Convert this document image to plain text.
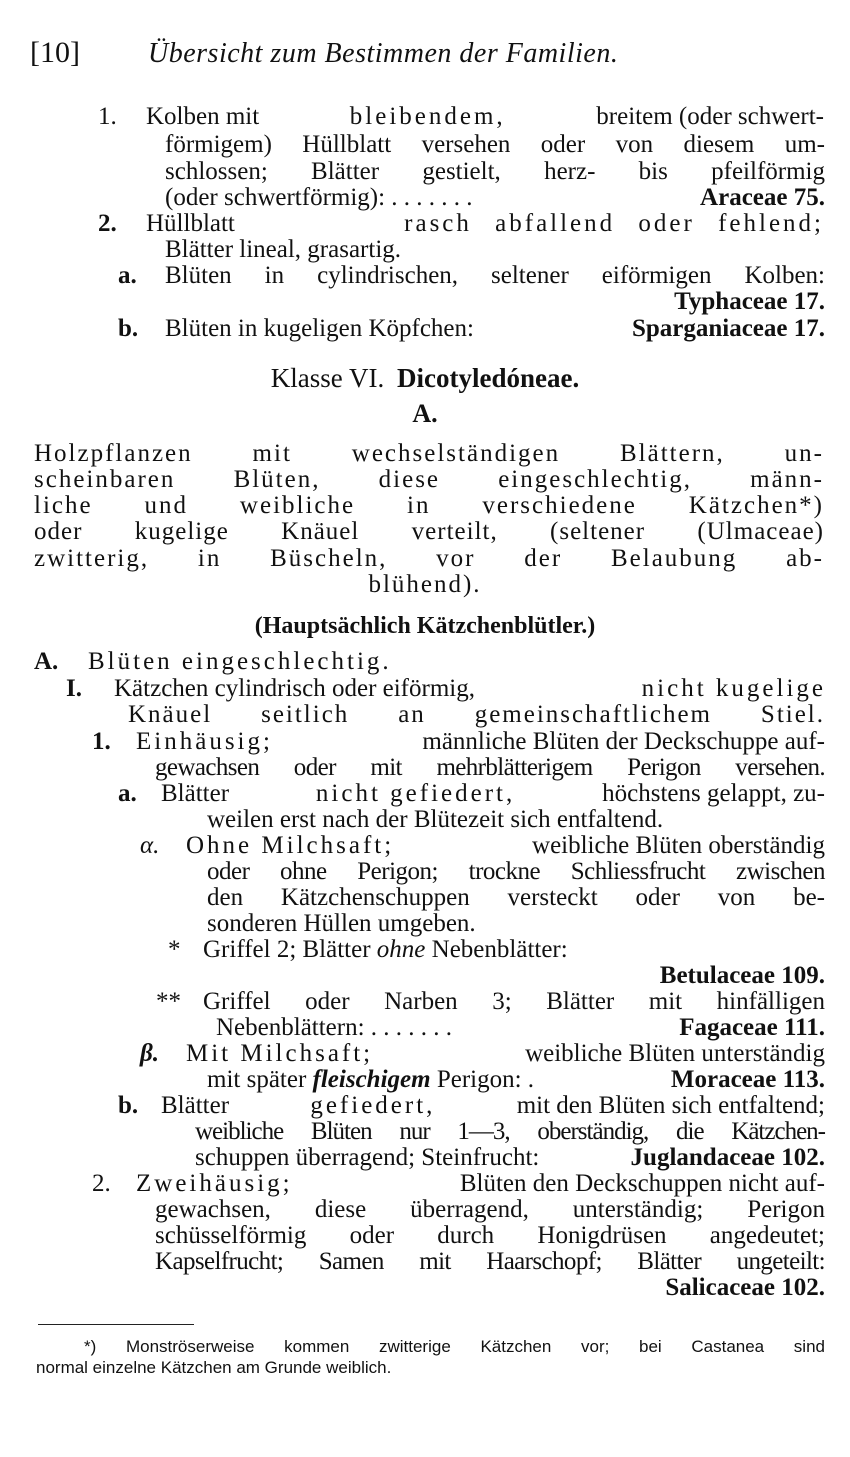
[10] Übersicht zum Bestimmen der Familien.
1. Kolben mit	bleibendem,	breitem (oder schwert-
förmigem) Hüllblatt versehen oder von diesem um-
schlossen; Blätter gestielt, herz- bis pfeilförmig
(oder schwertförmig): . . . . . . .	Araceae 75.
2. Hüllblatt	rasch abfallend oder fehlend;
Blätter lineal, grasartig.
a. Blüten in cylindrischen, seltener eiförmigen Kolben:
Typhaceae 17.
b. Blüten in kugeligen Köpfchen:	Sparganiaceae 17.
Klasse VI. Dicotyledóneae.
A.
Holzpflanzen mit wechselständigen Blättern, un-
scheinbaren Blüten, diese eingeschlechtig, männ-
liche und weibliche in verschiedene Kätzchen*)
oder kugelige Knäuel verteilt, (seltener (Ulmaceae)
zwitterig, in Büscheln, vor der Belaubung ab-
blühend).
(Hauptsächlich Kätzchenblütler.)
A. Blüten eingeschlechtig.
I. Kätzchen cylindrisch oder eiförmig,	nicht kugelige
Knäuel seitlich an gemeinschaftlichem Stiel.
1. Einhäusig;	männliche Blüten der Deckschuppe auf-
gewachsen oder mit mehrblätterigem Perigon versehen.
a. Blätter	nicht gefiedert,	höchstens gelappt, zu-
weilen erst nach der Blütezeit sich entfaltend.
α. Ohne Milchsaft;	weibliche Blüten oberständig
oder ohne Perigon; trockne Schliessfrucht zwischen
den Kätzchenschuppen versteckt oder von be-
sonderen Hüllen umgeben.
* Griffel 2; Blätter ohne Nebenblätter:
Betulaceae 109.
** Griffel oder Narben 3; Blätter mit hinfälligen
Nebenblättern: . . . . . . .	Fagaceae 111.
β. Mit Milchsaft;	weibliche Blüten unterständig
mit später fleischigem Perigon: .	Moraceae 113.
b. Blätter	gefiedert,	mit den Blüten sich entfaltend;
weibliche Blüten nur 1—3, oberständig, die Kätzchen-
schuppen überragend; Steinfrucht:	Juglandaceae 102.
2. Zweihäusig;	Blüten den Deckschuppen nicht auf-
gewachsen, diese überragend, unterständig; Perigon
schüsselförmig oder durch Honigdrüsen angedeutet;
Kapselfrucht; Samen mit Haarschopf; Blätter ungeteilt:
Salicaceae 102.
*) Monströserweise kommen zwitterige Kätzchen vor; bei Castanea sind
normal einzelne Kätzchen am Grunde weiblich.
